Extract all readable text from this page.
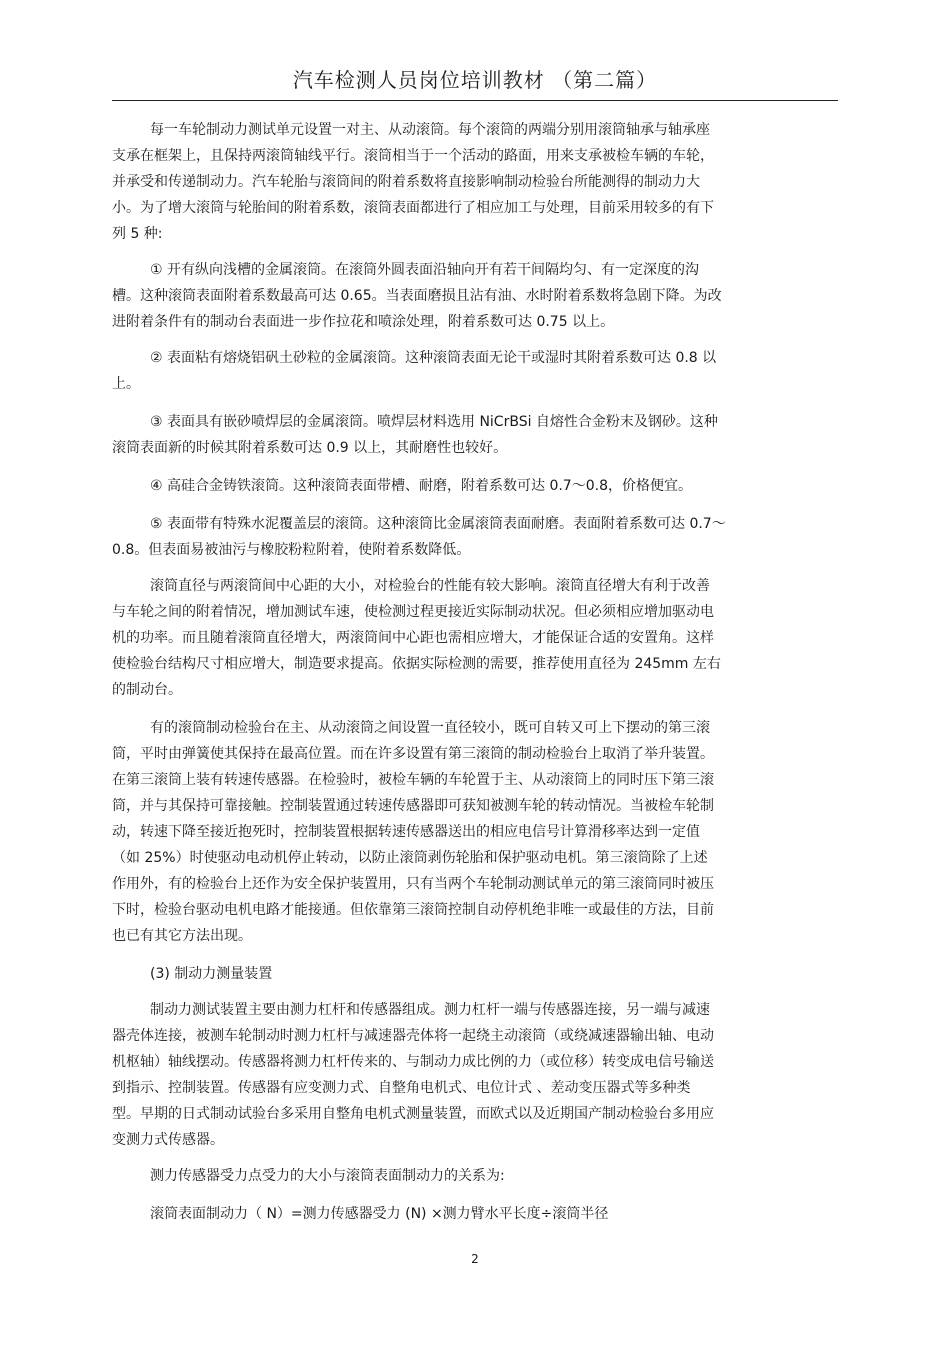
汽车检测人员岗位培训教材 （第二篇）
每一车轮制动力测试单元设置一对主、从动滚筒。每个滚筒的两端分别用滚筒轴承与轴承座
支承在框架上，且保持两滚筒轴线平行。滚筒相当于一个活动的路面，用来支承被检车辆的车轮，
并承受和传递制动力。汽车轮胎与滚筒间的附着系数将直接影响制动检验台所能测得的制动力大
小。为了增大滚筒与轮胎间的附着系数，滚筒表面都进行了相应加工与处理，目前采用较多的有下
列 5 种:
① 开有纵向浅槽的金属滚筒。在滚筒外圆表面沿轴向开有若干间隔均匀、有一定深度的沟
槽。这种滚筒表面附着系数最高可达 0.65。当表面磨损且沾有油、水时附着系数将急剧下降。为改
进附着条件有的制动台表面进一步作拉花和喷涂处理，附着系数可达 0.75 以上。
② 表面粘有熔烧铝矾土砂粒的金属滚筒。这种滚筒表面无论干或湿时其附着系数可达 0.8 以
上。
③ 表面具有嵌砂喷焊层的金属滚筒。喷焊层材料选用 NiCrBSi 自熔性合金粉末及钢砂。这种
滚筒表面新的时候其附着系数可达 0.9 以上，其耐磨性也较好。
④ 高硅合金铸铁滚筒。这种滚筒表面带槽、耐磨，附着系数可达 0.7～0.8，价格便宜。
⑤ 表面带有特殊水泥覆盖层的滚筒。这种滚筒比金属滚筒表面耐磨。表面附着系数可达 0.7～
0.8。但表面易被油污与橡胶粉粒附着，使附着系数降低。
滚筒直径与两滚筒间中心距的大小，对检验台的性能有较大影响。滚筒直径增大有利于改善
与车轮之间的附着情况，增加测试车速，使检测过程更接近实际制动状况。但必须相应增加驱动电
机的功率。而且随着滚筒直径增大，两滚筒间中心距也需相应增大，才能保证合适的安置角。这样
使检验台结构尺寸相应增大，制造要求提高。依据实际检测的需要，推荐使用直径为 245mm 左右
的制动台。
有的滚筒制动检验台在主、从动滚筒之间设置一直径较小，既可自转又可上下摆动的第三滚
筒，平时由弹簧使其保持在最高位置。而在许多设置有第三滚筒的制动检验台上取消了举升装置。
在第三滚筒上装有转速传感器。在检验时，被检车辆的车轮置于主、从动滚筒上的同时压下第三滚
筒，并与其保持可靠接触。控制装置通过转速传感器即可获知被测车轮的转动情况。当被检车轮制
动，转速下降至接近抱死时，控制装置根据转速传感器送出的相应电信号计算滑移率达到一定值
（如 25%）时使驱动电动机停止转动，以防止滚筒剥伤轮胎和保护驱动电机。第三滚筒除了上述
作用外，有的检验台上还作为安全保护装置用，只有当两个车轮制动测试单元的第三滚筒同时被压
下时，检验台驱动电机电路才能接通。但依靠第三滚筒控制自动停机绝非唯一或最佳的方法，目前
也已有其它方法出现。
(3) 制动力测量装置
制动力测试装置主要由测力杠杆和传感器组成。测力杠杆一端与传感器连接，另一端与减速
器壳体连接，被测车轮制动时测力杠杆与减速器壳体将一起绕主动滚筒（或绕减速器输出轴、电动
机枢轴）轴线摆动。传感器将测力杠杆传来的、与制动力成比例的力（或位移）转变成电信号输送
到指示、控制装置。传感器有应变测力式、自整角电机式、电位计式 、差动变压器式等多种类
型。早期的日式制动试验台多采用自整角电机式测量装置，而欧式以及近期国产制动检验台多用应
变测力式传感器。
测力传感器受力点受力的大小与滚筒表面制动力的关系为:
滚筒表面制动力（ N）=测力传感器受力 (N) ×测力臂水平长度÷滚筒半径
2
